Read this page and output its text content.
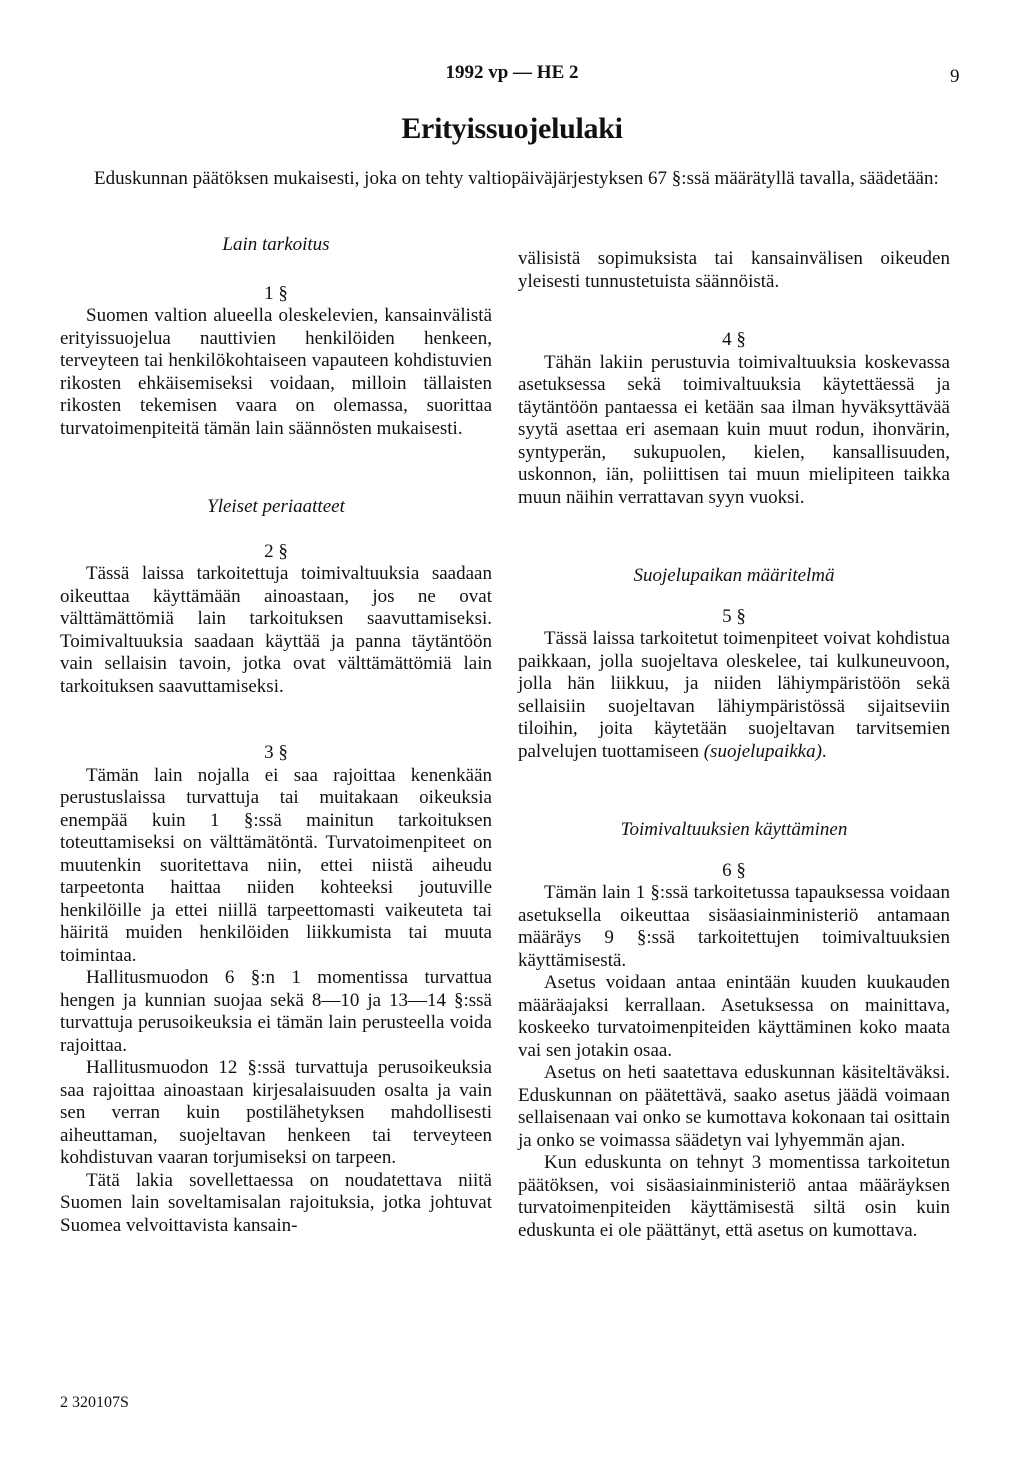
1992 vp — HE 2	9
Erityissuojelulaki

Eduskunnan päätöksen mukaisesti, joka on tehty valtiopäiväjärjestyksen 67 §:ssä määrätyllä tavalla, säädetään:

Lain tarkoitus

1 §

Suomen valtion alueella oleskelevien, kansainvälistä erityissuojelua nauttivien henkilöiden henkeen, terveyteen tai henkilökohtaiseen vapauteen kohdistuvien rikosten ehkäisemiseksi voidaan, milloin tällaisten rikosten tekemisen vaara on olemassa, suorittaa turvatoimenpiteitä tämän lain säännösten mukaisesti.

Yleiset periaatteet

2 §

Tässä laissa tarkoitettuja toimivaltuuksia saadaan oikeuttaa käyttämään ainoastaan, jos ne ovat välttämättömiä lain tarkoituksen saavuttamiseksi. Toimivaltuuksia saadaan käyttää ja panna täytäntöön vain sellaisin tavoin, jotka ovat välttämättömiä lain tarkoituksen saavuttamiseksi.

3 §

Tämän lain nojalla ei saa rajoittaa kenenkään perustuslaissa turvattuja tai muitakaan oikeuksia enempää kuin 1 §:ssä mainitun tarkoituksen toteuttamiseksi on välttämätöntä. Turvatoimenpiteet on muutenkin suoritettava niin, ettei niistä aiheudu tarpeetonta haittaa niiden kohteeksi joutuville henkilöille ja ettei niillä tarpeettomasti vaikeuteta tai häiritä muiden henkilöiden liikkumista tai muuta toimintaa.

Hallitusmuodon 6 §:n 1 momentissa turvattua hengen ja kunnian suojaa sekä 8—10 ja 13—14 §:ssä turvattuja perusoikeuksia ei tämän lain perusteella voida rajoittaa.

Hallitusmuodon 12 §:ssä turvattuja perusoikeuksia saa rajoittaa ainoastaan kirjesalaisuuden osalta ja vain sen verran kuin postilähetyksen mahdollisesti aiheuttaman, suojeltavan henkeen tai terveyteen kohdistuvan vaaran torjumiseksi on tarpeen.

Tätä lakia sovellettaessa on noudatettava niitä Suomen lain soveltamisalan rajoituksia, jotka johtuvat Suomea velvoittavista kansain-

välisistä sopimuksista tai kansainvälisen oikeuden yleisesti tunnustetuista säännöistä.

4 §

Tähän lakiin perustuvia toimivaltuuksia koskevassa asetuksessa sekä toimivaltuuksia käytettäessä ja täytäntöön pantaessa ei ketään saa ilman hyväksyttävää syytä asettaa eri asemaan kuin muut rodun, ihonvärin, syntyperän, sukupuolen, kielen, kansallisuuden, uskonnon, iän, poliittisen tai muun mielipiteen taikka muun näihin verrattavan syyn vuoksi.

Suojelupaikan määritelmä

5 §

Tässä laissa tarkoitetut toimenpiteet voivat kohdistua paikkaan, jolla suojeltava oleskelee, tai kulkuneuvoon, jolla hän liikkuu, ja niiden lähiympäristöön sekä sellaisiin suojeltavan lähiympäristössä sijaitseviin tiloihin, joita käytetään suojeltavan tarvitsemien palvelujen tuottamiseen (suojelupaikka).

Toimivaltuuksien käyttäminen

6 §

Tämän lain 1 §:ssä tarkoitetussa tapauksessa voidaan asetuksella oikeuttaa sisäasiainministeriö antamaan määräys 9 §:ssä tarkoitettujen toimivaltuuksien käyttämisestä.

Asetus voidaan antaa enintään kuuden kuukauden määräajaksi kerrallaan. Asetuksessa on mainittava, koskeeko turvatoimenpiteiden käyttäminen koko maata vai sen jotakin osaa.

Asetus on heti saatettava eduskunnan käsiteltäväksi. Eduskunnan on päätettävä, saako asetus jäädä voimaan sellaisenaan vai onko se kumottava kokonaan tai osittain ja onko se voimassa säädetyn vai lyhyemmän ajan.

Kun eduskunta on tehnyt 3 momentissa tarkoitetun päätöksen, voi sisäasiainministeriö antaa määräyksen turvatoimenpiteiden käyttämisestä siltä osin kuin eduskunta ei ole päättänyt, että asetus on kumottava.

2 320107S
